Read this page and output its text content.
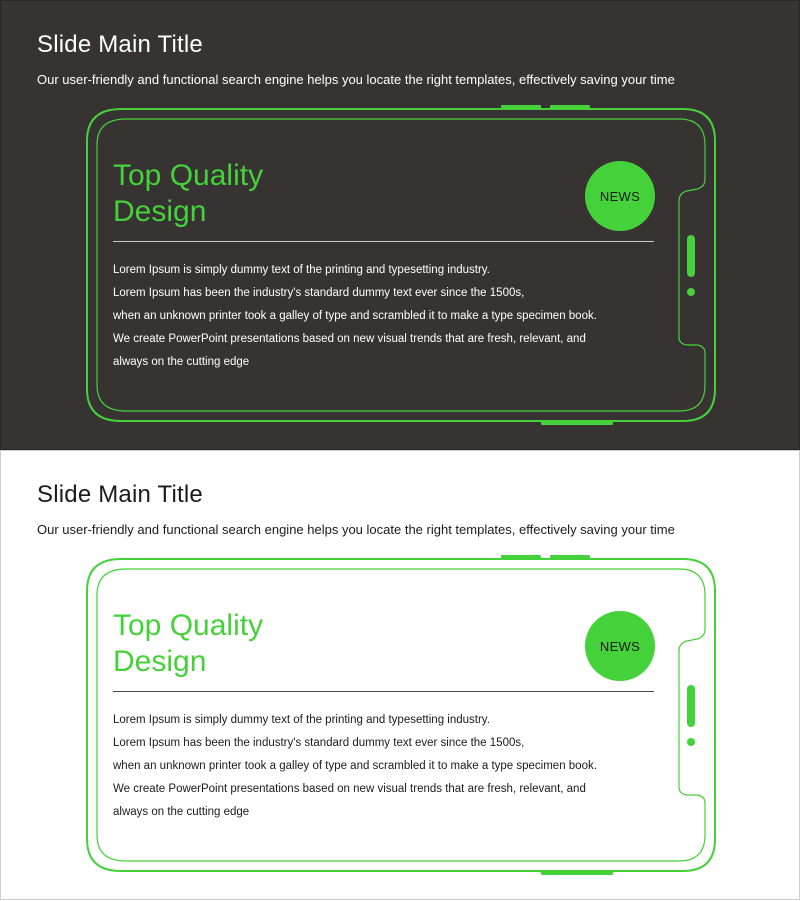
Slide Main Title

Our user-friendly and functional search engine helps you locate the right templates, effectively saving your time

Top Quality
Design	NEWS

Lorem Ipsum is simply dummy text of the printing and typesetting industry.
Lorem Ipsum has been the industry's standard dummy text ever since the 1500s,
when an unknown printer took a galley of type and scrambled it to make a type specimen book.
We create PowerPoint presentations based on new visual trends that are fresh, relevant, and
always on the cutting edge

Slide Main Title

Our user-friendly and functional search engine helps you locate the right templates, effectively saving your time

Top Quality
Design	NEWS

Lorem Ipsum is simply dummy text of the printing and typesetting industry.
Lorem Ipsum has been the industry's standard dummy text ever since the 1500s,
when an unknown printer took a galley of type and scrambled it to make a type specimen book.
We create PowerPoint presentations based on new visual trends that are fresh, relevant, and
always on the cutting edge
